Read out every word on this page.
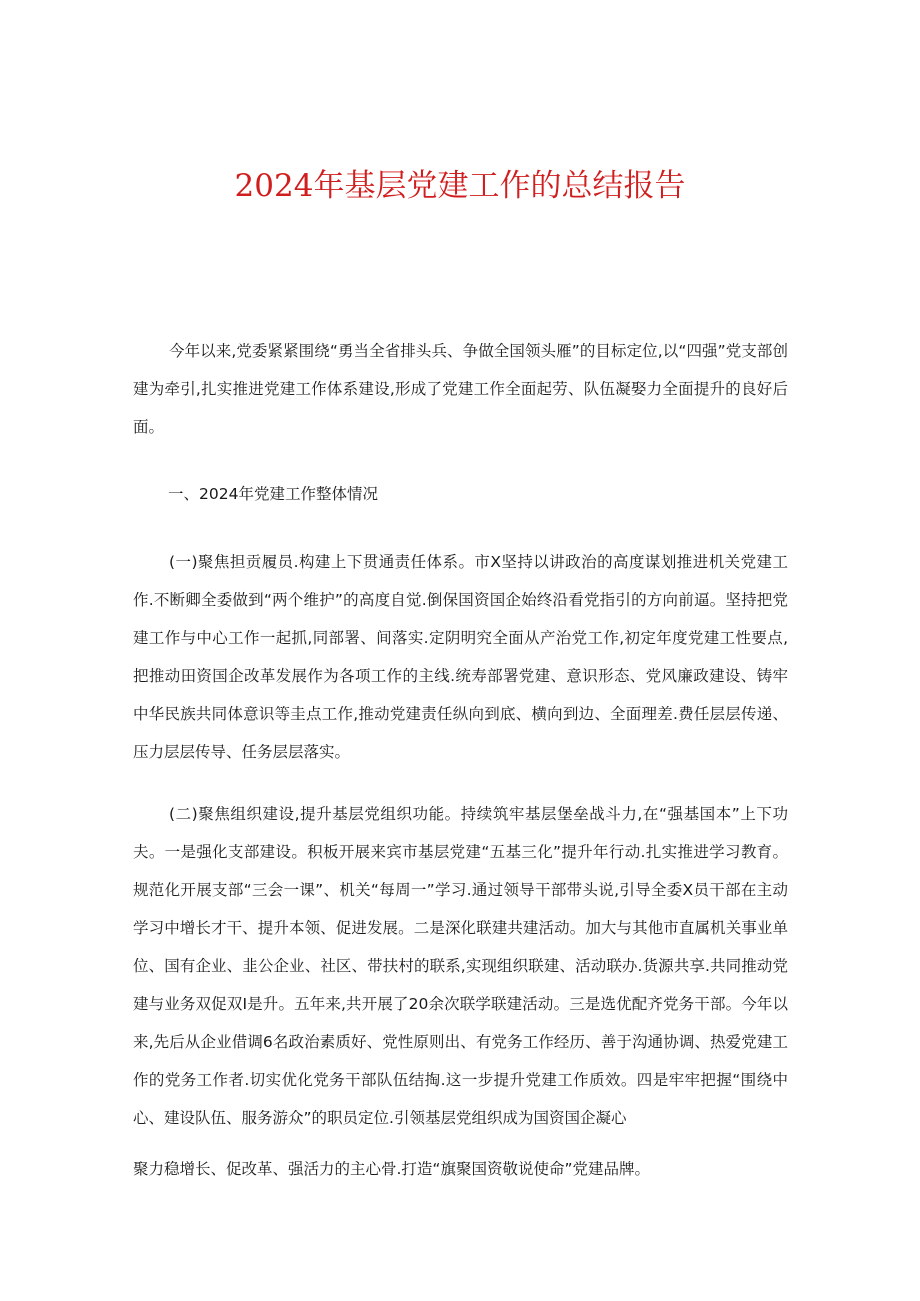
2024年基层党建工作的总结报告

今年以来,党委紧紧围绕“勇当全省排头兵、争做全国领头雁”的目标定位,以“四强”党支部创建为牵引,扎实推进党建工作体系建设,形成了党建工作全面起劳、队伍凝娶力全面提升的良好后面。

一、2024年党建工作整体情况

(一)聚焦担贡履员.构建上下贯通责任体系。市X坚持以讲政治的高度谋划推进机关党建工作.不断卿全委做到“两个维护”的高度自觉.倒保国资国企始终沿看党指引的方向前逼。坚持把党建工作与中心工作一起抓,同部署、间落实.定阴明究全面从产治党工作,初定年度党建工性要点,把推动田资国企改革发展作为各项工作的主线.统寿部署党建、意识形态、党风廉政建设、铸牢中华民族共同体意识等圭点工作,推动党建责任纵向到底、横向到边、全面理差.费任层层传递、压力层层传导、任务层层落实。

(二)聚焦组织建设,提升基层党组织功能。持续筑牢基层堡垒战斗力,在“强基国本”上下功夫。一是强化支部建设。积板开展来宾市基层党建“五基三化”提升年行动.扎实推进学习教育。规范化开展支部“三会一课”、机关“每周一”学习.通过领导干部带头说,引导全委X员干部在主动学习中增长才干、提升本领、促进发展。二是深化联建共建活动。加大与其他市直属机关事业单位、国有企业、韭公企业、社区、带扶村的联系,实现组织联建、活动联办.货源共享.共同推动党建与业务双促双I是升。五年来,共开展了20余次联学联建活动。三是选优配齐党务干部。今年以来,先后从企业借调6名政治素质好、党性原则出、有党务工作经历、善于沟通协调、热爱党建工作的党务工作者.切实优化党务干部队伍结掏.这一步提升党建工作质效。四是牢牢把握“围绕中心、建设队伍、服务游众”的职员定位.引领基层党组织成为国资国企凝心

聚力稳增长、促改革、强活力的主心骨.打造“旗聚国资敬说使命”党建品牌。
